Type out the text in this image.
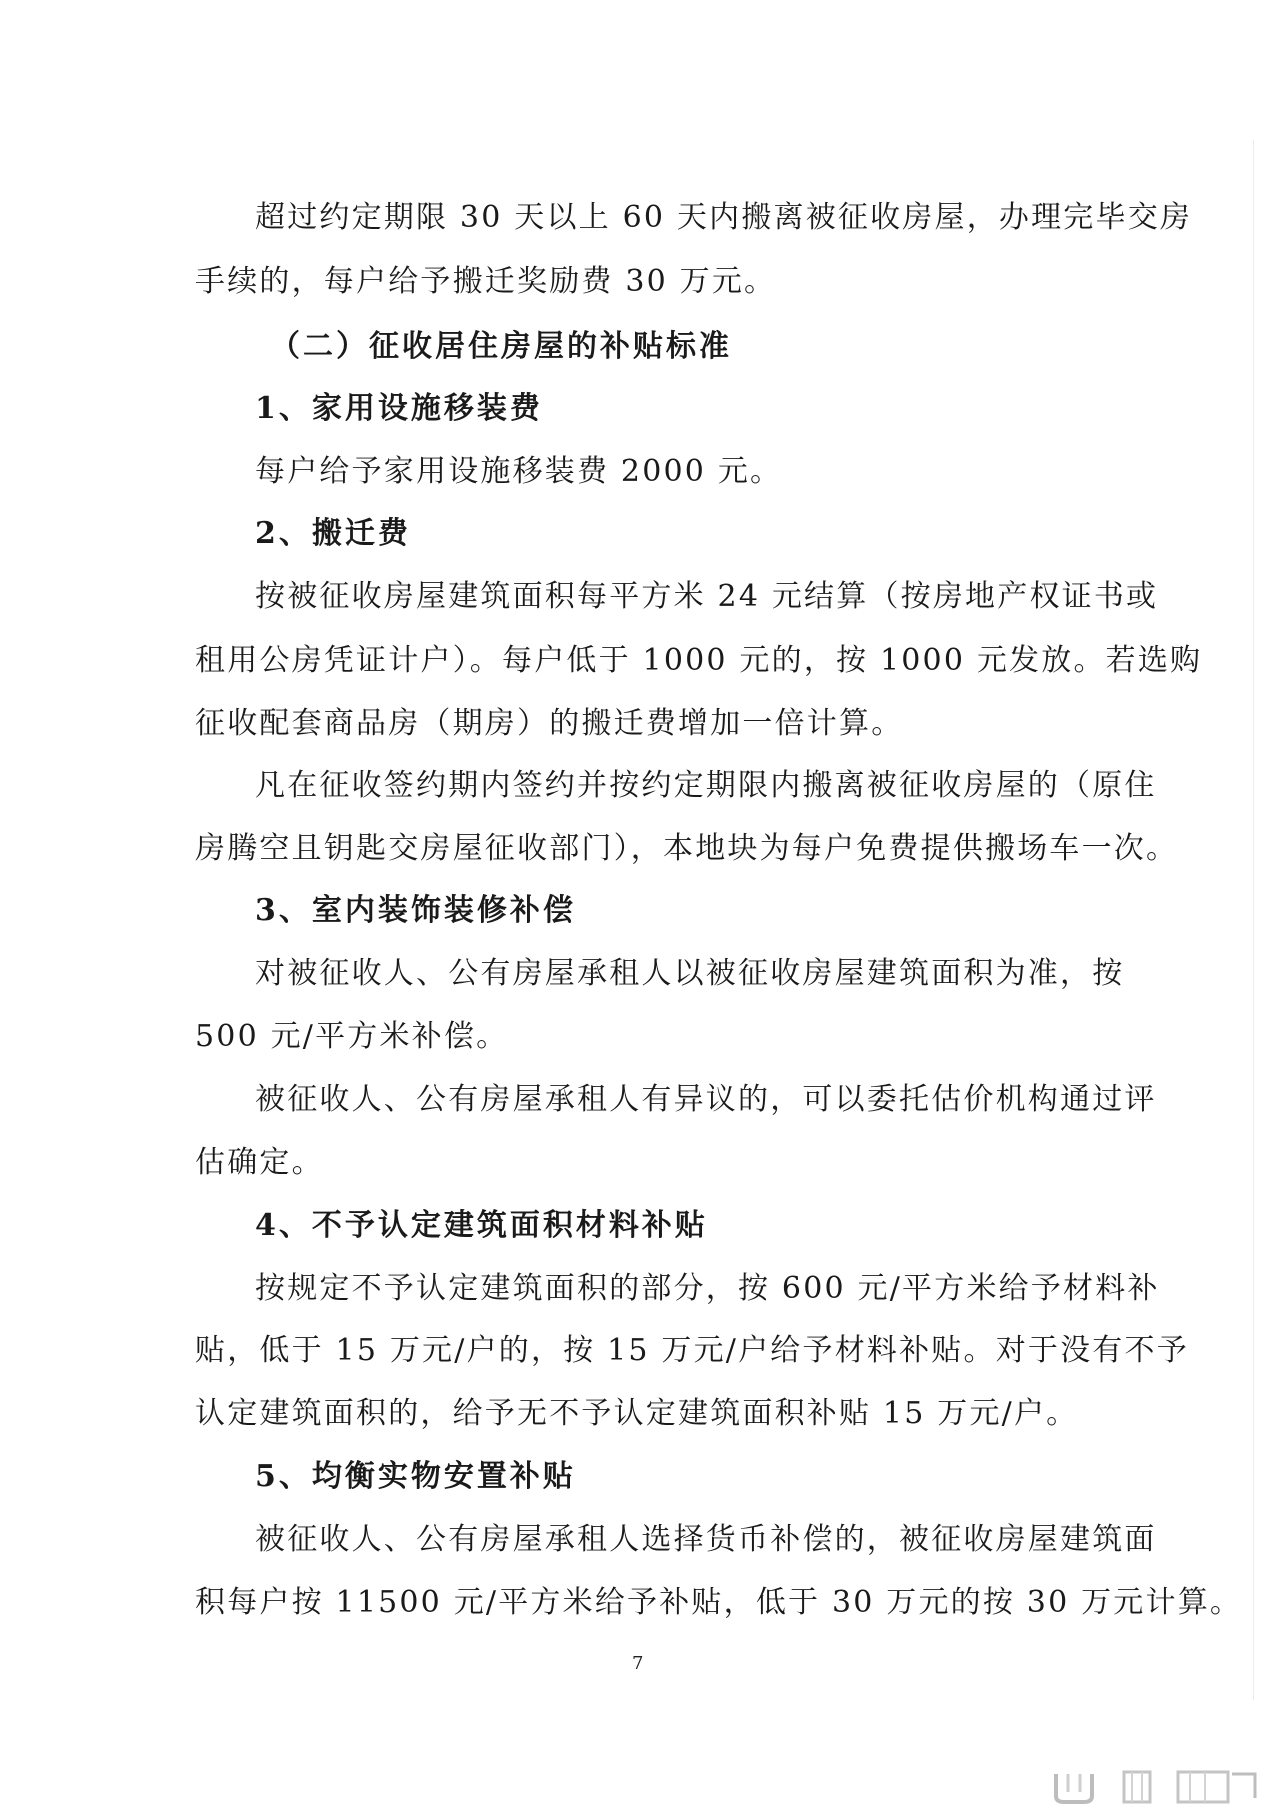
超过约定期限 30 天以上 60 天内搬离被征收房屋，办理完毕交房
手续的，每户给予搬迁奖励费 30 万元。
（二）征收居住房屋的补贴标准
1、家用设施移装费
每户给予家用设施移装费 2000 元。
2、搬迁费
按被征收房屋建筑面积每平方米 24 元结算（按房地产权证书或
租用公房凭证计户）。每户低于 1000 元的，按 1000 元发放。若选购
征收配套商品房（期房）的搬迁费增加一倍计算。
凡在征收签约期内签约并按约定期限内搬离被征收房屋的（原住
房腾空且钥匙交房屋征收部门），本地块为每户免费提供搬场车一次。
3、室内装饰装修补偿
对被征收人、公有房屋承租人以被征收房屋建筑面积为准，按
500 元/平方米补偿。
被征收人、公有房屋承租人有异议的，可以委托估价机构通过评
估确定。
4、不予认定建筑面积材料补贴
按规定不予认定建筑面积的部分，按 600 元/平方米给予材料补
贴，低于 15 万元/户的，按 15 万元/户给予材料补贴。对于没有不予
认定建筑面积的，给予无不予认定建筑面积补贴 15 万元/户。
5、均衡实物安置补贴
被征收人、公有房屋承租人选择货币补偿的，被征收房屋建筑面
积每户按 11500 元/平方米给予补贴，低于 30 万元的按 30 万元计算。
7
